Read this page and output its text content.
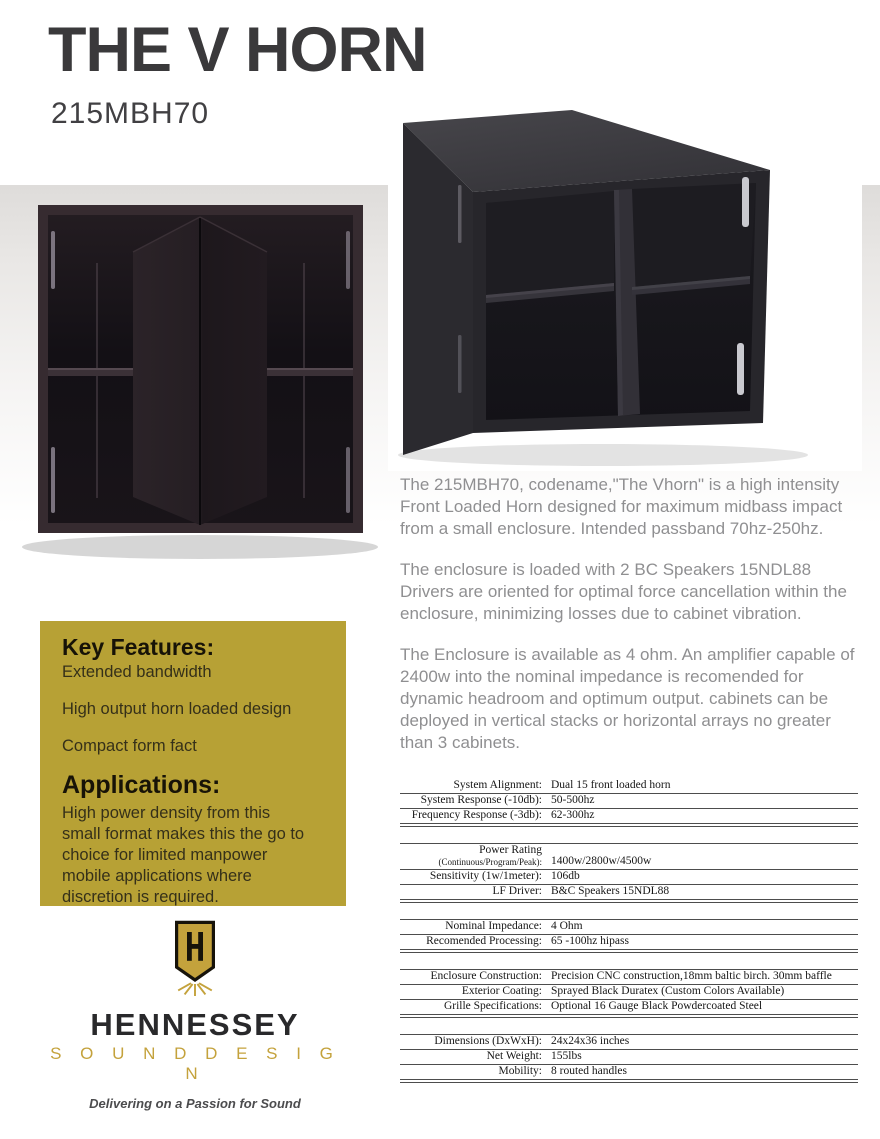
THE V HORN
215MBH70

The 215MBH70, codename,"The Vhorn" is a high intensity Front Loaded Horn designed for maximum midbass impact from a small enclosure. Intended passband 70hz-250hz.

The enclosure is loaded with 2 BC Speakers 15NDL88 Drivers are oriented for optimal force cancellation within the enclosure, minimizing losses due to cabinet vibration.

The Enclosure is available as 4 ohm. An amplifier capable of 2400w into the nominal impedance is recomended for dynamic headroom and optimum output. cabinets can be deployed in vertical stacks or horizontal arrays no greater than 3 cabinets.

Key Features:
Extended bandwidth
High output horn loaded design
Compact form fact
Applications:

High power density from this small format makes this the go to choice for limited manpower mobile applications where discretion is required.

System Alignment: Dual 15 front loaded horn
System Response (-10db): 50-500hz
Frequency Response (-3db): 62-300hz
Power Rating
(Continuous/Program/Peak): 1400w/2800w/4500w
Sensitivity (1w/1meter): 106db
LF Driver: B&C Speakers 15NDL88
Nominal Impedance: 4 Ohm
Recomended Processing: 65 -100hz hipass
Enclosure Construction: Precision CNC construction,18mm baltic birch. 30mm baffle
Exterior Coating: Sprayed Black Duratex (Custom Colors Available)
Grille Specifications: Optional 16 Gauge Black Powdercoated Steel
Dimensions (DxWxH): 24x24x36 inches
Net Weight: 155lbs
Mobility: 8 routed handles
HENNESSEY
S O U N D D E S I G N
Delivering on a Passion for Sound
